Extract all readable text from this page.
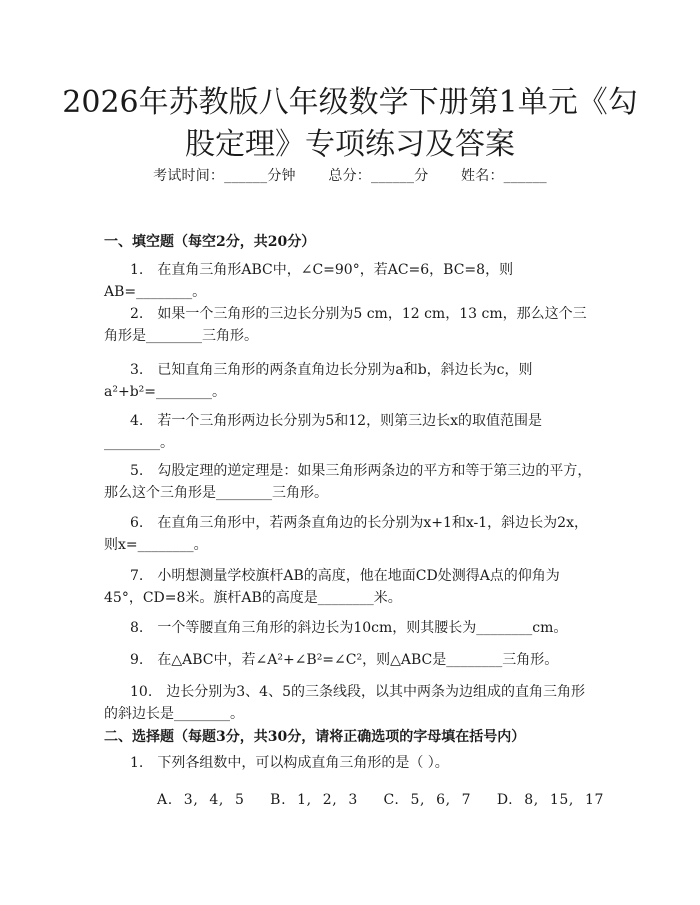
2026年苏教版八年级数学下册第1单元《勾股定理》专项练习及答案
考试时间：______分钟 总分：______分 姓名：______
一、填空题（每空2分，共20分）

1.　在直角三角形ABC中，∠C=90°，若AC=6，BC=8，则AB=________。

2.　如果一个三角形的三边长分别为5 cm，12 cm，13 cm，那么这个三角形是________三角形。

3.　已知直角三角形的两条直角边长分别为a和b，斜边长为c，则a²+b²=________。

4.　若一个三角形两边长分别为5和12，则第三边长x的取值范围是________。

5.　勾股定理的逆定理是：如果三角形两条边的平方和等于第三边的平方，那么这个三角形是________三角形。

6.　在直角三角形中，若两条直角边的长分别为x+1和x-1，斜边长为2x，则x=________。

7.　小明想测量学校旗杆AB的高度，他在地面CD处测得A点的仰角为45°，CD=8米。旗杆AB的高度是________米。

8.　一个等腰直角三角形的斜边长为10cm，则其腰长为________cm。

9.　在△ABC中，若∠A²+∠B²=∠C²，则△ABC是________三角形。

10.　边长分别为3、4、5的三条线段，以其中两条为边组成的直角三角形的斜边长是________。

二、选择题（每题3分，共30分，请将正确选项的字母填在括号内）

1.　下列各组数中，可以构成直角三角形的是（ ）。

A. 3, 4, 5　 B. 1, 2, 3　 C. 5, 6, 7　 D. 8, 15, 17
